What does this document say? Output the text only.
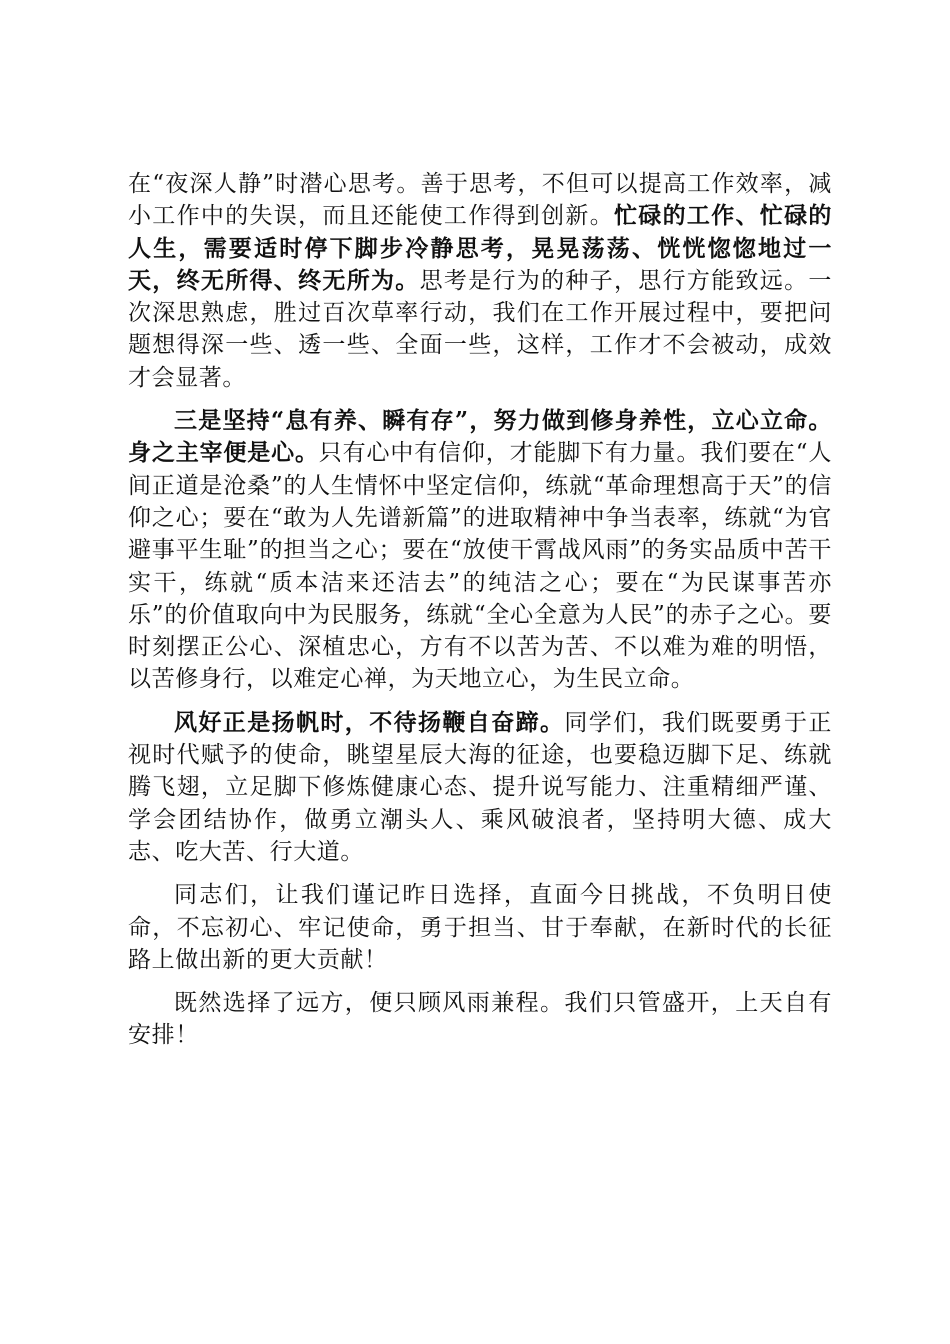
在“夜深人静”时潜心思考。善于思考，不但可以提高工作效率，减小工作中的失误，而且还能使工作得到创新。忙碌的工作、忙碌的人生，需要适时停下脚步冷静思考，晃晃荡荡、恍恍惚惚地过一天，终无所得、终无所为。思考是行为的种子，思行方能致远。一次深思熟虑，胜过百次草率行动，我们在工作开展过程中，要把问题想得深一些、透一些、全面一些，这样，工作才不会被动，成效才会显著。

三是坚持“息有养、瞬有存”，努力做到修身养性，立心立命。身之主宰便是心。只有心中有信仰，才能脚下有力量。我们要在“人间正道是沧桑”的人生情怀中坚定信仰，练就“革命理想高于天”的信仰之心；要在“敢为人先谱新篇”的进取精神中争当表率，练就“为官避事平生耻”的担当之心；要在“放使干霄战风雨”的务实品质中苦干实干，练就“质本洁来还洁去”的纯洁之心；要在“为民谋事苦亦乐”的价值取向中为民服务，练就“全心全意为人民”的赤子之心。要时刻摆正公心、深植忠心，方有不以苦为苦、不以难为难的明悟，以苦修身行，以难定心禅，为天地立心，为生民立命。

风好正是扬帆时，不待扬鞭自奋蹄。同学们，我们既要勇于正视时代赋予的使命，眺望星辰大海的征途，也要稳迈脚下足、练就腾飞翅，立足脚下修炼健康心态、提升说写能力、注重精细严谨、学会团结协作，做勇立潮头人、乘风破浪者，坚持明大德、成大志、吃大苦、行大道。

同志们，让我们谨记昨日选择，直面今日挑战，不负明日使命，不忘初心、牢记使命，勇于担当、甘于奉献，在新时代的长征路上做出新的更大贡献！

既然选择了远方，便只顾风雨兼程。我们只管盛开，上天自有安排！
